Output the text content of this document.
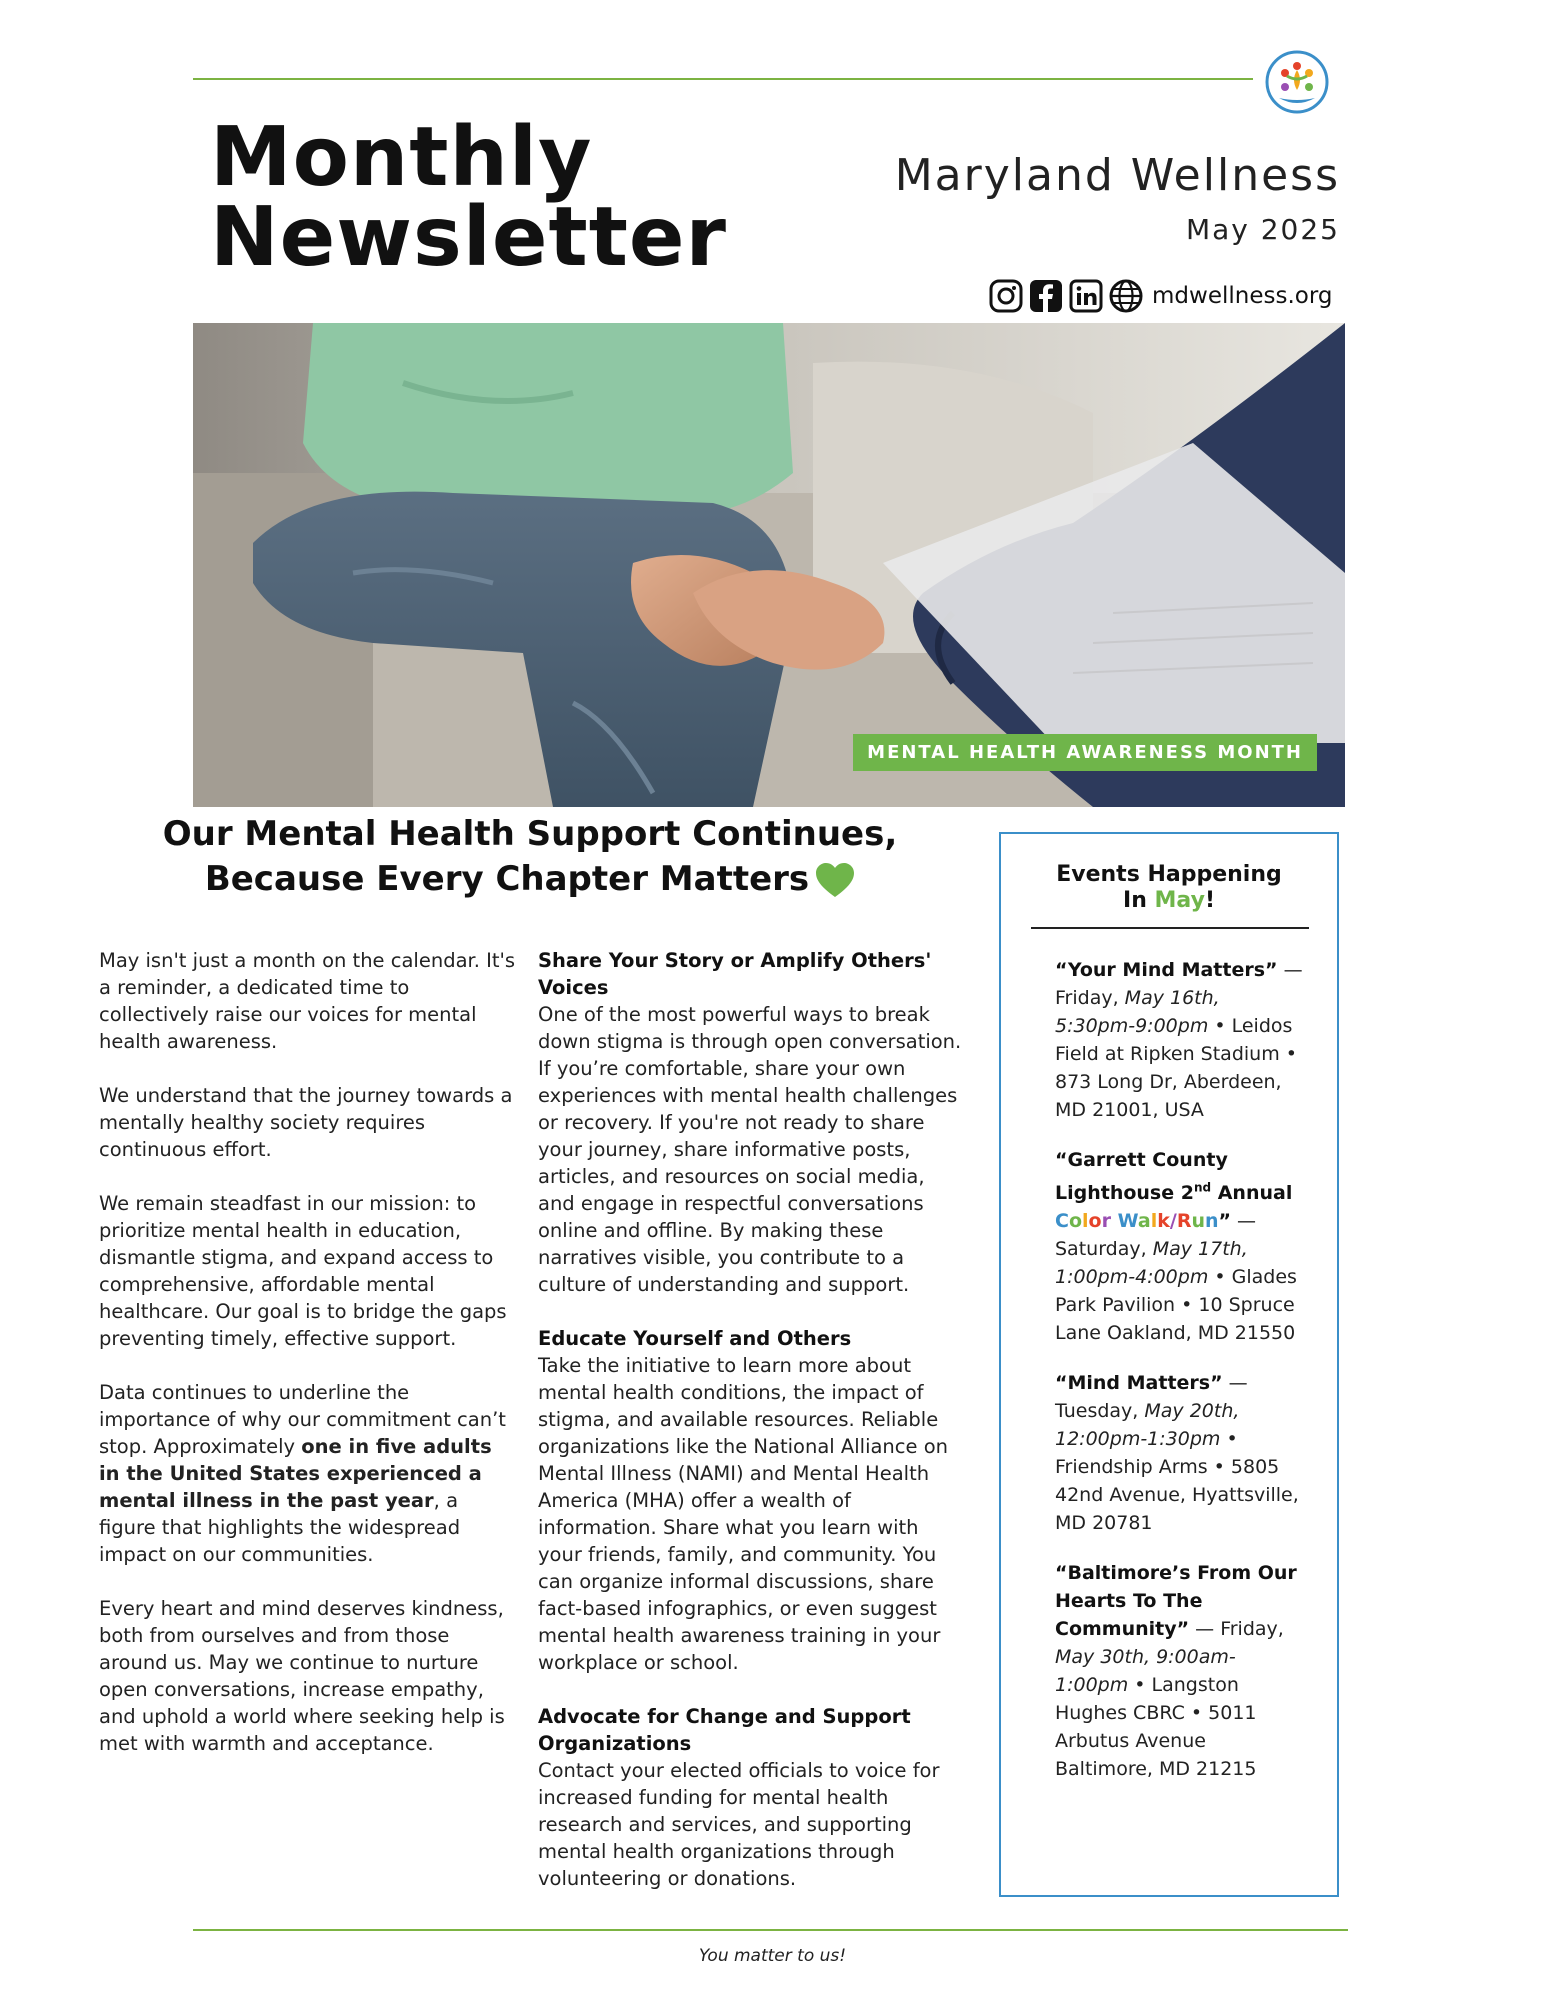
Monthly
Newsletter
Maryland Wellness
May 2025
mdwellness.org
MENTAL HEALTH AWARENESS MONTH
Our Mental Health Support Continues,
Because Every Chapter Matters

May isn't just a month on the calendar. It's a reminder, a dedicated time to collectively raise our voices for mental health awareness.

We understand that the journey towards a mentally healthy society requires continuous effort.

We remain steadfast in our mission: to prioritize mental health in education, dismantle stigma, and expand access to comprehensive, affordable mental healthcare. Our goal is to bridge the gaps preventing timely, effective support.

Data continues to underline the importance of why our commitment can’t stop. Approximately one in five adults in the United States experienced a mental illness in the past year, a figure that highlights the widespread impact on our communities.

Every heart and mind deserves kindness, both from ourselves and from those around us. May we continue to nurture open conversations, increase empathy, and uphold a world where seeking help is met with warmth and acceptance.

Share Your Story or Amplify Others' Voices

One of the most powerful ways to break down stigma is through open conversation. If you’re comfortable, share your own experiences with mental health challenges or recovery. If you're not ready to share your journey, share informative posts, articles, and resources on social media, and engage in respectful conversations online and offline. By making these narratives visible, you contribute to a culture of understanding and support.

Educate Yourself and Others

Take the initiative to learn more about mental health conditions, the impact of stigma, and available resources. Reliable organizations like the National Alliance on Mental Illness (NAMI) and Mental Health America (MHA) offer a wealth of information. Share what you learn with your friends, family, and community. You can organize informal discussions, share fact-based infographics, or even suggest mental health awareness training in your workplace or school.

Advocate for Change and Support Organizations

Contact your elected officials to voice for increased funding for mental health research and services, and supporting mental health organizations through volunteering or donations.

Events Happening
In May!
“Your Mind Matters” — Friday, May 16th, 5:30pm-9:00pm • Leidos Field at Ripken Stadium • 873 Long Dr, Aberdeen, MD 21001, USA
“Garrett County Lighthouse 2nd Annual Color Walk/Run” — Saturday, May 17th, 1:00pm-4:00pm • Glades Park Pavilion • 10 Spruce Lane Oakland, MD 21550
“Mind Matters” — Tuesday, May 20th, 12:00pm-1:30pm • Friendship Arms • 5805 42nd Avenue, Hyattsville, MD 20781
“Baltimore’s From Our Hearts To The Community” — Friday, May 30th, 9:00am-1:00pm • Langston Hughes CBRC • 5011 Arbutus Avenue Baltimore, MD 21215
You matter to us!
